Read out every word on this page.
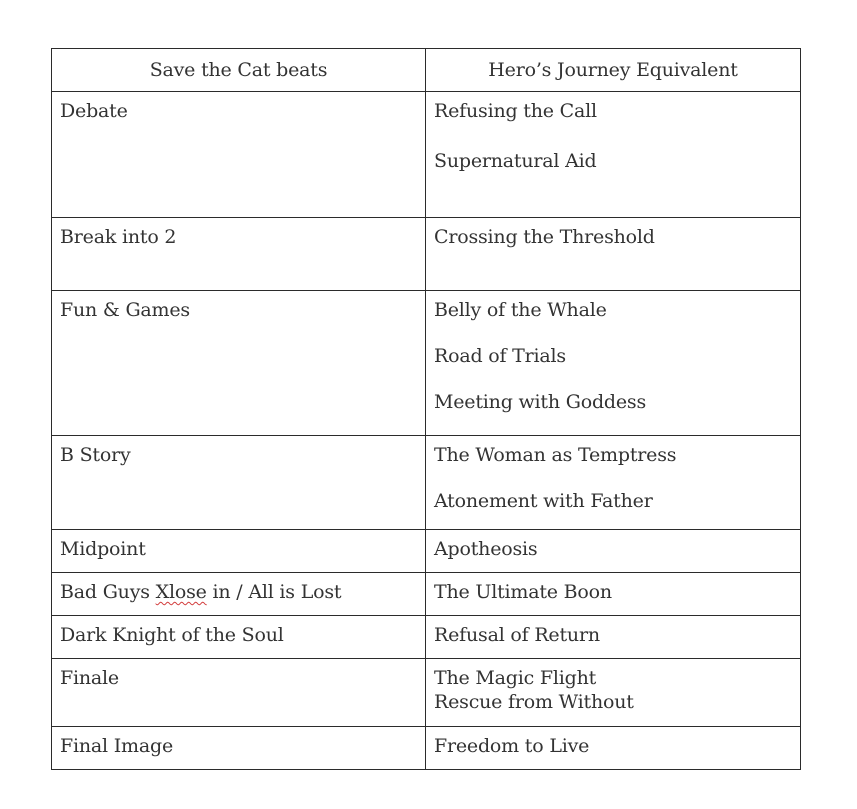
Save the Cat beats	Hero’s Journey Equivalent

Debate	Refusing the Call
Supernatural Aid

Break into 2	Crossing the Threshold

Fun & Games	Belly of the Whale
Road of Trials
Meeting with Goddess

B Story	The Woman as Temptress
Atonement with Father

Midpoint	Apotheosis

Bad Guys Xlose in / All is Lost	The Ultimate Boon

Dark Knight of the Soul	Refusal of Return

Finale	The Magic Flight
Rescue from Without

Final Image	Freedom to Live
